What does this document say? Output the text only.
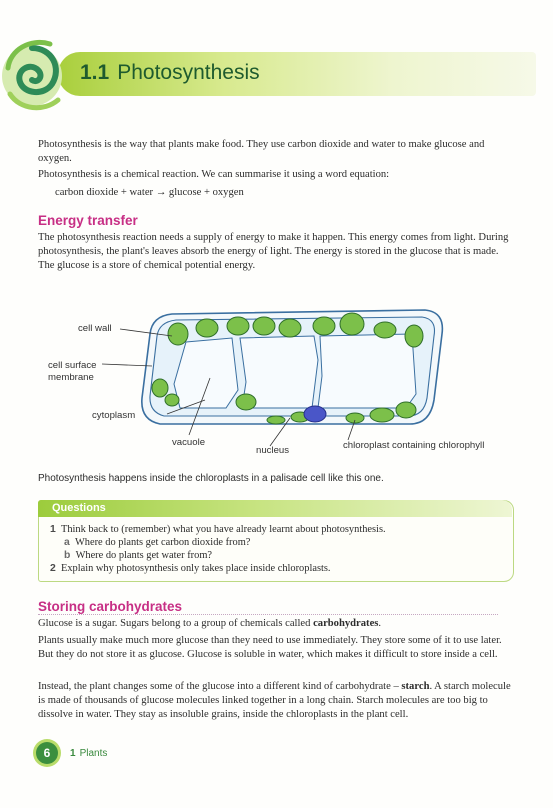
1.1 Photosynthesis
Photosynthesis is the way that plants make food. They use carbon dioxide and water to make glucose and oxygen.
Photosynthesis is a chemical reaction. We can summarise it using a word equation:
carbon dioxide + water → glucose + oxygen
Energy transfer
The photosynthesis reaction needs a supply of energy to make it happen. This energy comes from light. During photosynthesis, the plant's leaves absorb the energy of light. The energy is stored in the glucose that is made. The glucose is a store of chemical potential energy.
cell wall
cell surface
membrane
cytoplasm
vacuole
nucleus	chloroplast containing chlorophyll
Photosynthesis happens inside the chloroplasts in a palisade cell like this one.
Questions
1 Think back to (remember) what you have already learnt about photosynthesis.
a Where do plants get carbon dioxide from?
b Where do plants get water from?
2 Explain why photosynthesis only takes place inside chloroplasts.
Storing carbohydrates
Glucose is a sugar. Sugars belong to a group of chemicals called carbohydrates.
Plants usually make much more glucose than they need to use immediately. They store some of it to use later. But they do not store it as glucose. Glucose is soluble in water, which makes it difficult to store inside a cell.
Instead, the plant changes some of the glucose into a different kind of carbohydrate – starch. A starch molecule is made of thousands of glucose molecules linked together in a long chain. Starch molecules are too big to dissolve in water. They stay as insoluble grains, inside the chloroplasts in the plant cell.
6	1 Plants
